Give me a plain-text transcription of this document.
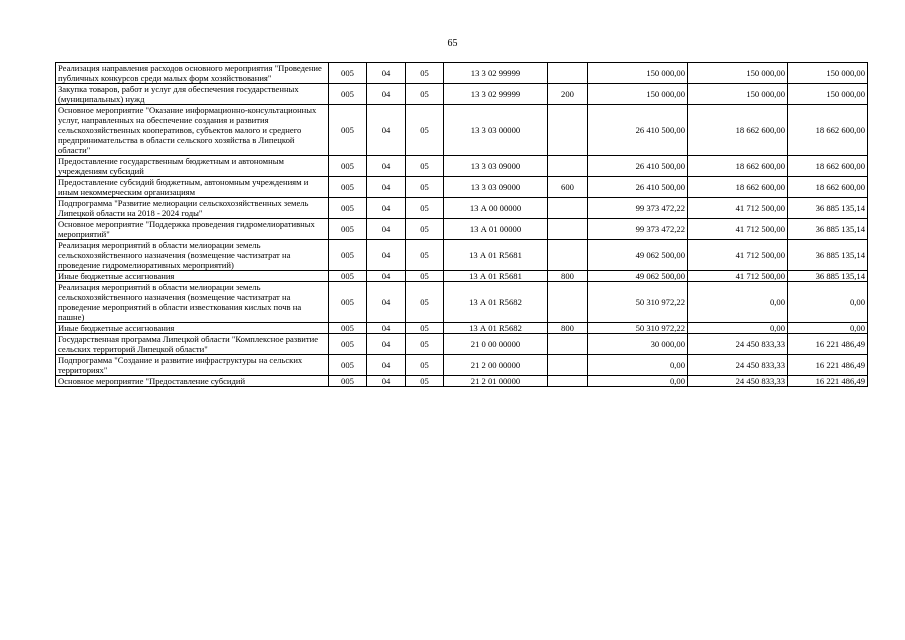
65
Реализация направления расходов основного мероприятия "Проведение публичных конкурсов среди малых форм хозяйствования"	005	04	05	13 3 02 99999		150 000,00	150 000,00	150 000,00
Закупка товаров, работ и услуг для обеспечения государственных (муниципальных) нужд	005	04	05	13 3 02 99999	200	150 000,00	150 000,00	150 000,00
Основное мероприятие "Оказание информационно-консультационных услуг, направленных на обеспечение создания и развития сельскохозяйственных кооперативов, субъектов малого и среднего предпринимательства в области сельского хозяйства в Липецкой области"	005	04	05	13 3 03 00000		26 410 500,00	18 662 600,00	18 662 600,00
Предоставление государственным бюджетным и автономным учреждениям субсидий	005	04	05	13 3 03 09000		26 410 500,00	18 662 600,00	18 662 600,00
Предоставление субсидий бюджетным, автономным учреждениям и иным некоммерческим организациям	005	04	05	13 3 03 09000	600	26 410 500,00	18 662 600,00	18 662 600,00
Подпрограмма "Развитие мелиорации сельскохозяйственных земель Липецкой области на 2018 - 2024 годы"	005	04	05	13 А 00 00000		99 373 472,22	41 712 500,00	36 885 135,14
Основное мероприятие "Поддержка проведения гидромелиоративных мероприятий"	005	04	05	13 А 01 00000		99 373 472,22	41 712 500,00	36 885 135,14
Реализация мероприятий в области мелиорации земель сельскохозяйственного назначения (возмещение частизатрат на проведение гидромелиоративных мероприятий)	005	04	05	13 А 01 R5681		49 062 500,00	41 712 500,00	36 885 135,14
Иные бюджетные ассигнования	005	04	05	13 А 01 R5681	800	49 062 500,00	41 712 500,00	36 885 135,14
Реализация мероприятий в области мелиорации земель сельскохозяйственного назначения (возмещение частизатрат на проведение мероприятий в области известкования кислых почв на пашне)	005	04	05	13 А 01 R5682		50 310 972,22	0,00	0,00
Иные бюджетные ассигнования	005	04	05	13 А 01 R5682	800	50 310 972,22	0,00	0,00
Государственная программа Липецкой области "Комплексное развитие сельских территорий Липецкой области"	005	04	05	21 0 00 00000		30 000,00	24 450 833,33	16 221 486,49
Подпрограмма "Создание и развитие инфраструктуры на сельских территориях"	005	04	05	21 2 00 00000		0,00	24 450 833,33	16 221 486,49
Основное мероприятие "Предоставление субсидий	005	04	05	21 2 01 00000		0,00	24 450 833,33	16 221 486,49
